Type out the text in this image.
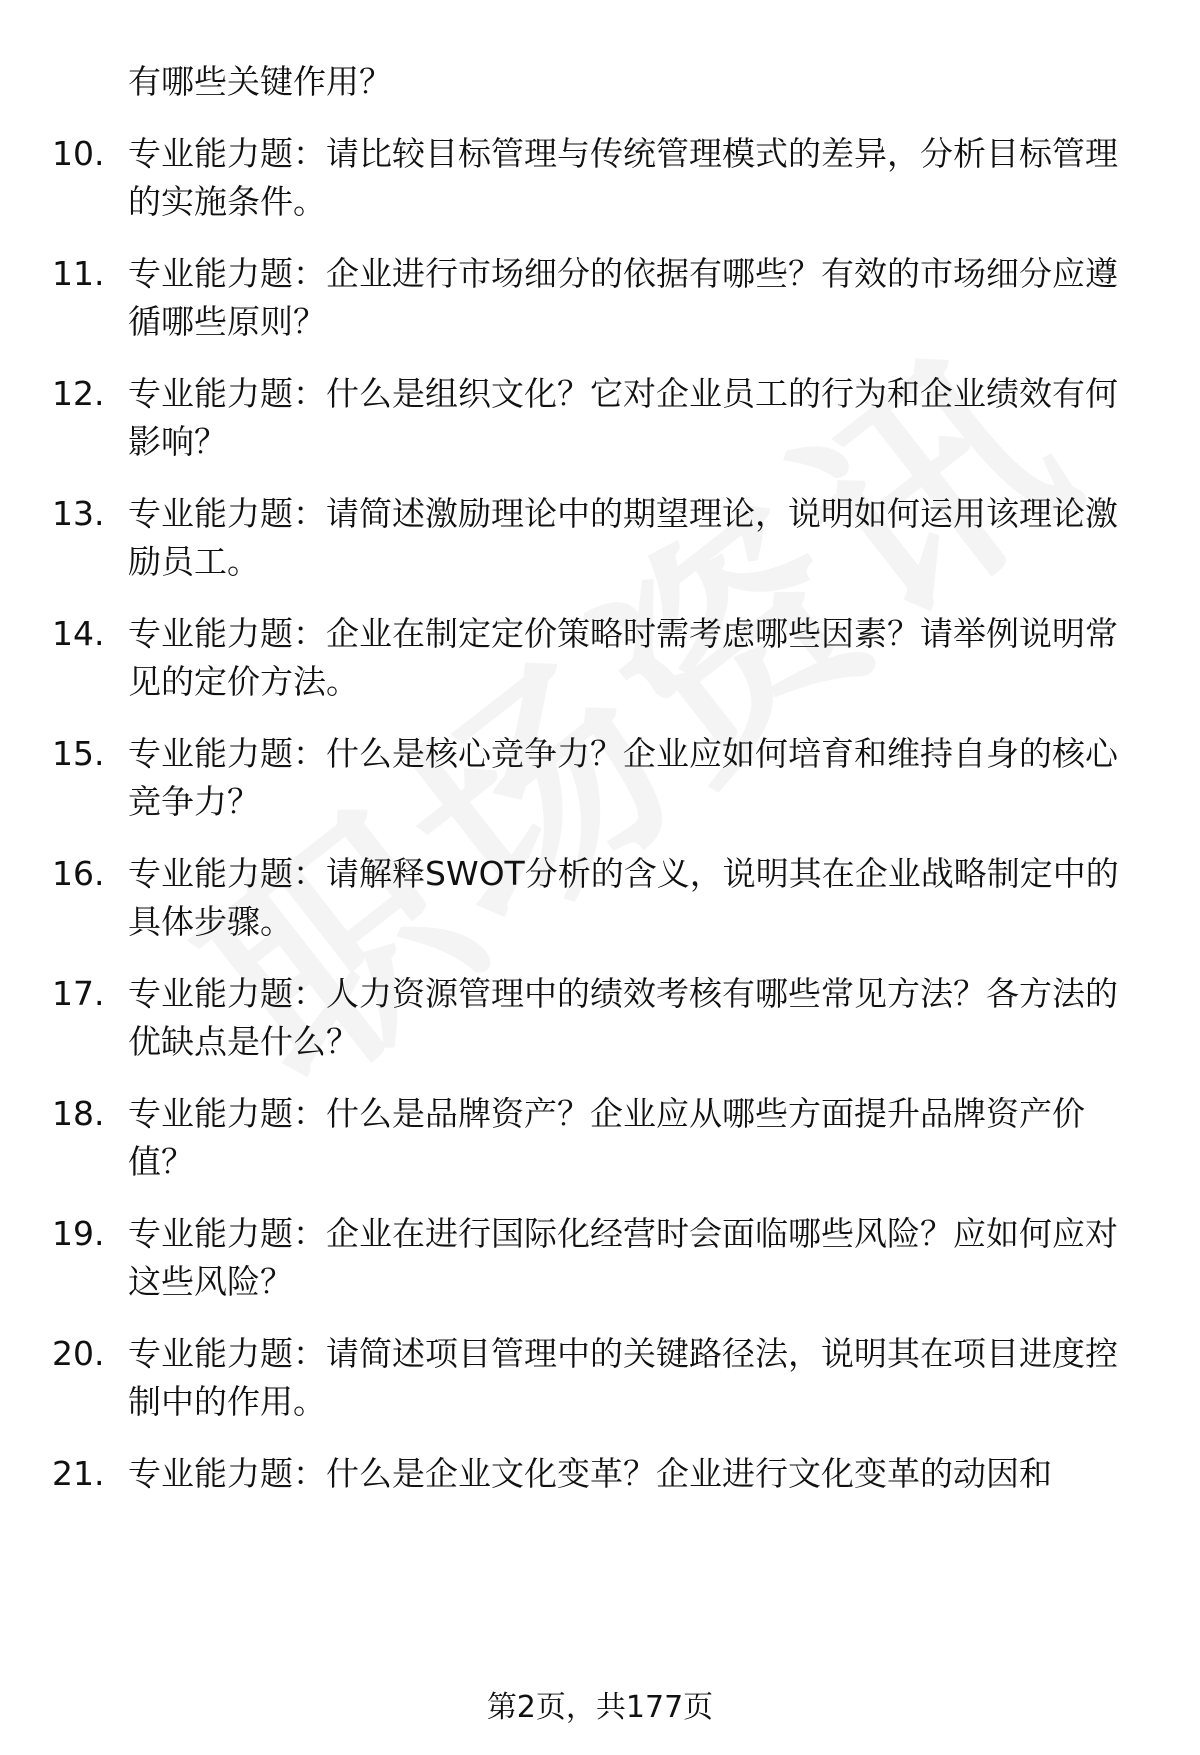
有哪些关键作用？
10. 专业能力题：请比较目标管理与传统管理模式的差异，分析目标管理的实施条件。
11. 专业能力题：企业进行市场细分的依据有哪些？有效的市场细分应遵循哪些原则？
12. 专业能力题：什么是组织文化？它对企业员工的行为和企业绩效有何影响？
13. 专业能力题：请简述激励理论中的期望理论，说明如何运用该理论激励员工。
14. 专业能力题：企业在制定定价策略时需考虑哪些因素？请举例说明常见的定价方法。
15. 专业能力题：什么是核心竞争力？企业应如何培育和维持自身的核心竞争力？
16. 专业能力题：请解释SWOT分析的含义，说明其在企业战略制定中的具体步骤。
17. 专业能力题：人力资源管理中的绩效考核有哪些常见方法？各方法的优缺点是什么？
18. 专业能力题：什么是品牌资产？企业应从哪些方面提升品牌资产价值？
19. 专业能力题：企业在进行国际化经营时会面临哪些风险？应如何应对这些风险？
20. 专业能力题：请简述项目管理中的关键路径法，说明其在项目进度控制中的作用。
21. 专业能力题：什么是企业文化变革？企业进行文化变革的动因和
第2页，共177页
